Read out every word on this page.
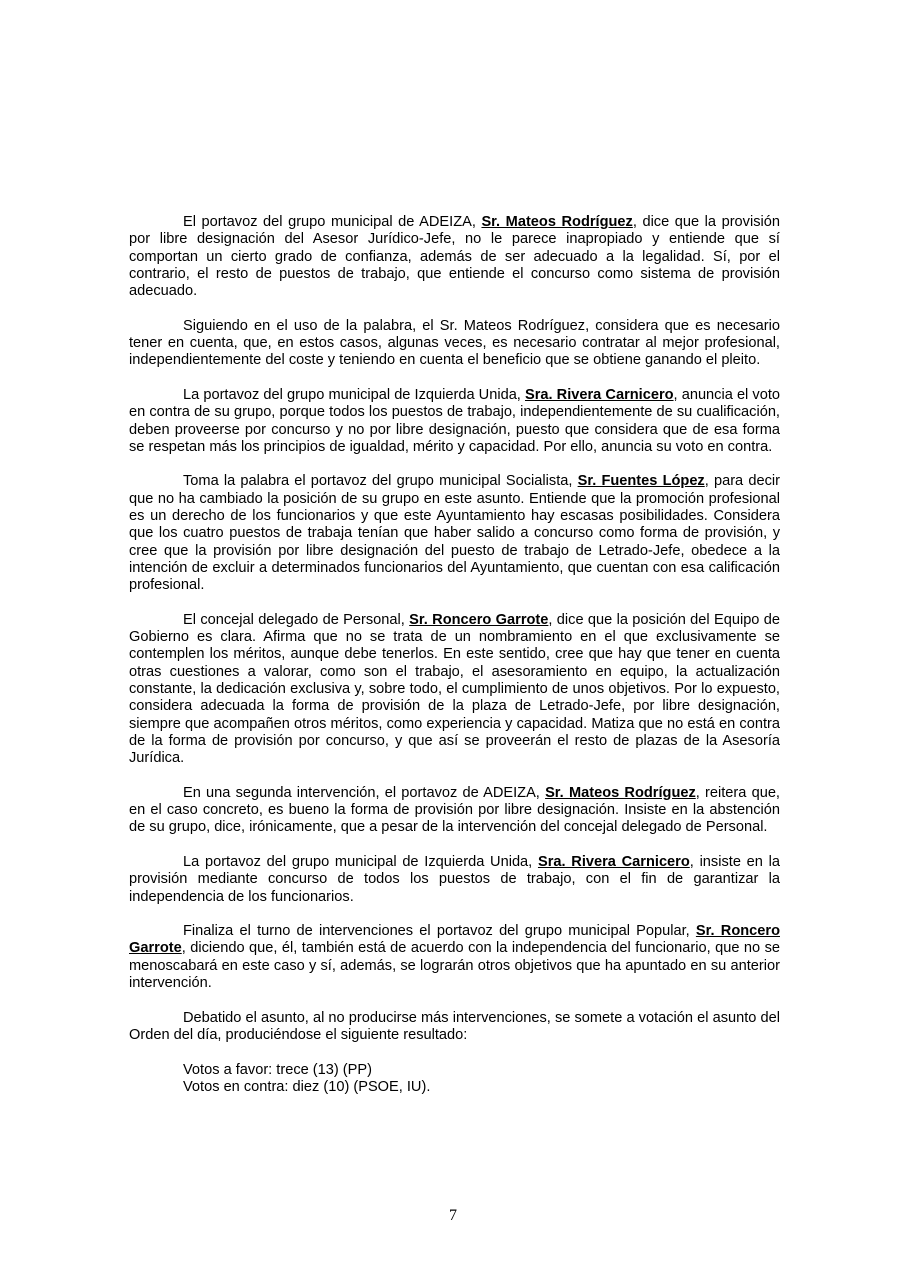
El portavoz del grupo municipal de ADEIZA, Sr. Mateos Rodríguez, dice que la provisión por libre designación del Asesor Jurídico-Jefe, no le parece inapropiado y entiende que sí comportan un cierto grado de confianza, además de ser adecuado a la legalidad. Sí, por el contrario, el resto de puestos de trabajo, que entiende el concurso como sistema de provisión adecuado.

Siguiendo en el uso de la palabra, el Sr. Mateos Rodríguez, considera que es necesario tener en cuenta, que, en estos casos, algunas veces, es necesario contratar al mejor profesional, independientemente del coste y teniendo en cuenta el beneficio que se obtiene ganando el pleito.

La portavoz del grupo municipal de Izquierda Unida, Sra. Rivera Carnicero, anuncia el voto en contra de su grupo, porque todos los puestos de trabajo, independientemente de su cualificación, deben proveerse por concurso y no por libre designación, puesto que considera que de esa forma se respetan más los principios de igualdad, mérito y capacidad. Por ello, anuncia su voto en contra.

Toma la palabra el portavoz del grupo municipal Socialista, Sr. Fuentes López, para decir que no ha cambiado la posición de su grupo en este asunto. Entiende que la promoción profesional es un derecho de los funcionarios y que este Ayuntamiento hay escasas posibilidades. Considera que los cuatro puestos de trabaja tenían que haber salido a concurso como forma de provisión, y cree que la provisión por libre designación del puesto de trabajo de Letrado-Jefe, obedece a la intención de excluir a determinados funcionarios del Ayuntamiento, que cuentan con esa calificación profesional.

El concejal delegado de Personal, Sr. Roncero Garrote, dice que la posición del Equipo de Gobierno es clara. Afirma que no se trata de un nombramiento en el que exclusivamente se contemplen los méritos, aunque debe tenerlos. En este sentido, cree que hay que tener en cuenta otras cuestiones a valorar, como son el trabajo, el asesoramiento en equipo, la actualización constante, la dedicación exclusiva y, sobre todo, el cumplimiento de unos objetivos. Por lo expuesto, considera adecuada la forma de provisión de la plaza de Letrado-Jefe, por libre designación, siempre que acompañen otros méritos, como experiencia y capacidad. Matiza que no está en contra de la forma de provisión por concurso, y que así se proveerán el resto de plazas de la Asesoría Jurídica.

En una segunda intervención, el portavoz de ADEIZA, Sr. Mateos Rodríguez, reitera que, en el caso concreto, es bueno la forma de provisión por libre designación. Insiste en la abstención de su grupo, dice, irónicamente, que a pesar de la intervención del concejal delegado de Personal.

La portavoz del grupo municipal de Izquierda Unida, Sra. Rivera Carnicero, insiste en la provisión mediante concurso de todos los puestos de trabajo, con el fin de garantizar la independencia de los funcionarios.

Finaliza el turno de intervenciones el portavoz del grupo municipal Popular, Sr. Roncero Garrote, diciendo que, él, también está de acuerdo con la independencia del funcionario, que no se menoscabará en este caso y sí, además, se lograrán otros objetivos que ha apuntado en su anterior intervención.

Debatido el asunto, al no producirse más intervenciones, se somete a votación el asunto del Orden del día, produciéndose el siguiente resultado:

Votos a favor: trece (13) (PP)
Votos en contra: diez (10) (PSOE, IU).
7
